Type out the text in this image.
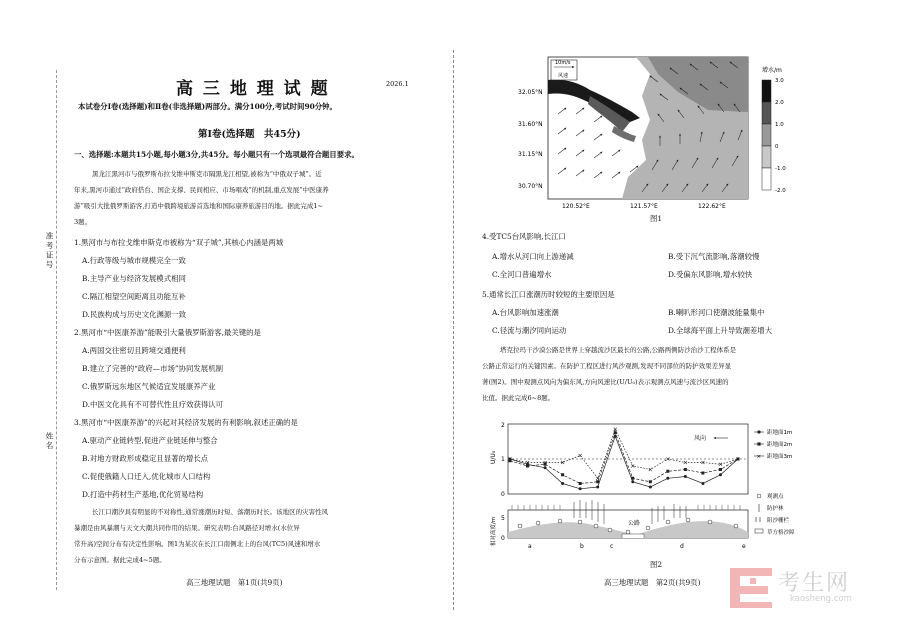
准考证号
姓名
高 三 地 理 试 题	2026.1
本试卷分Ⅰ卷(选择题)和Ⅱ卷(非选择题)两部分。满分100分,考试时间90分钟。
第Ⅰ卷(选择题　共45分)
一、选择题:本题共15小题,每小题3分,共45分。每小题只有一个选项最符合题目要求。
黑龙江黑河市与俄罗斯布拉戈维申斯克市隔黑龙江相望,被称为“中俄双子城”。近
年来,黑河市通过“政府搭台、国企支撑、民间相应、市场唱戏”的机制,重点发展“中医康养
游”吸引大批俄罗斯游客,打造中俄跨境旅游首选地和国际康养旅游目的地。据此完成1~
3题。
1.黑河市与布拉戈维申斯克市被称为“双子城”,其核心内涵是两城
A.行政等级与城市规模完全一致
B.主导产业与经济发展模式相同
C.隔江相望空间距离且功能互补
D.民族构成与历史文化渊源一致
2.黑河市“中医康养游”能吸引大量俄罗斯游客,最关键的是
A.两国交往密切且跨境交通便利
B.建立了完善的“政府—市场”协同发展机制
C.俄罗斯远东地区气候适宜发展康养产业
D.中医文化具有不可替代性且疗效获得认可
3.黑河市“中医康养游”的兴起对其经济发展的有利影响,叙述正确的是
A.驱动产业链转型,促进产业链延伸与整合
B.对地方财政形成稳定且显著的增长点
C.促使俄籍人口迁入,优化城市人口结构
D.打造中药材生产基地,优化贸易结构
长江口潮汐具有明显的不对称性,通常涨潮历时短、落潮历时长。该地区的灾害性风
暴潮是由风暴潮与天文大潮共同作用的结果。研究表明:台风路径对增水(水位异
常升高)空间分布有决定性影响。图1为某次在长江口南侧北上的台风(TC5)风速和增水
分布示意图。据此完成4~5题。
高三地理试题　第1页(共9页)
10m/s
风速
江阴
32.05°N
31.60°N
31.15°N
30.70°N
120.52°E	121.57°E	122.62°E
增水/m
3.0
2.0
1.0
0
-1.0
-2.0
图1
4.受TC5台风影响,长江口
A.增水从河口向上游递减	B.受下沉气流影响,落潮较慢
C.全河口普遍增水	D.受偏东风影响,增水较快
5.通常长江口涨潮历时较短的主要原因是
A.台风影响加速涨潮	B.喇叭形河口使潮波能量集中
C.径流与潮汐同向运动	D.全球海平面上升导致潮差增大
塔克拉玛干沙漠公路是世界上穿越流沙区最长的公路,公路两侧防沙治沙工程体系是
公路正常运行的关键因素。在防护工程区进行风沙观测,发现不同部位的防护效果差异显
著(图2)。图中观测点风向为偏东风,方向风速比(U/U₀)表示观测点风速与流沙区风速的
比值。据此完成6~8题。
2
1
0
U/U₀
风向
距地面1m
距地面2m
× 距地面3m
公路
5
0
相对高度/m
a	b	c	d	e
观测点
防护林
阻沙栅栏
草方格沙障
图2
高三地理试题　第2页(共9页)	考生网
kaosheng.com
